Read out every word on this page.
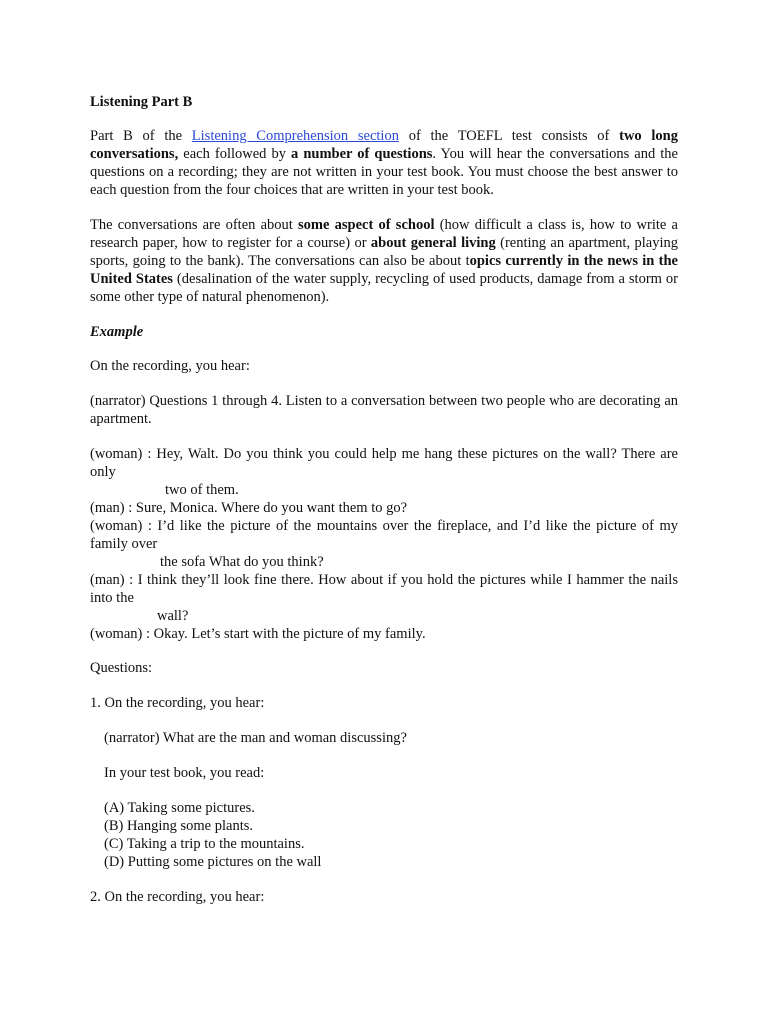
Listening Part B
Part B of the Listening Comprehension section of the TOEFL test consists of two long conversations, each followed by a number of questions. You will hear the conversations and the questions on a recording; they are not written in your test book. You must choose the best answer to each question from the four choices that are written in your test book.
The conversations are often about some aspect of school (how difficult a class is, how to write a research paper, how to register for a course) or about general living (renting an apartment, playing sports, going to the bank). The conversations can also be about topics currently in the news in the United States (desalination of the water supply, recycling of used products, damage from a storm or some other type of natural phenomenon).
Example
On the recording, you hear:
(narrator) Questions 1 through 4. Listen to a conversation between two people who are decorating an apartment.
(woman) : Hey, Walt. Do you think you could help me hang these pictures on the wall? There are only
two of them.
(man) : Sure, Monica. Where do you want them to go?
(woman) : I’d like the picture of the mountains over the fireplace, and I’d like the picture of my family over
the sofa What do you think?
(man) : I think they’ll look fine there. How about if you hold the pictures while I hammer the nails into the
wall?
(woman) : Okay. Let’s start with the picture of my family.
Questions:
1. On the recording, you hear:
(narrator) What are the man and woman discussing?
In your test book, you read:
(A) Taking some pictures.
(B) Hanging some plants.
(C) Taking a trip to the mountains.
(D) Putting some pictures on the wall
2. On the recording, you hear:
